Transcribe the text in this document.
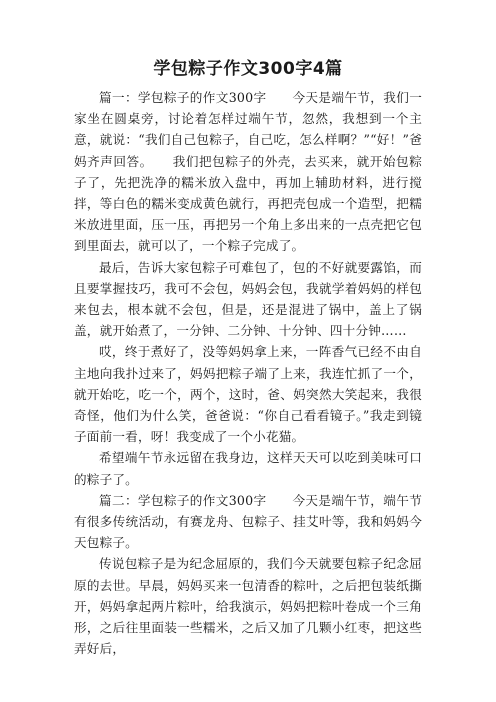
学包粽子作文300字4篇

篇一：学包粽子的作文300字　　今天是端午节，我们一家坐在圆桌旁，讨论着怎样过端午节，忽然，我想到一个主意，就说：“我们自己包粽子，自己吃，怎么样啊？”“好！”爸妈齐声回答。　　我们把包粽子的外壳，去买来，就开始包粽子了，先把洗净的糯米放入盘中，再加上辅助材料，进行搅拌，等白色的糯米变成黄色就行，再把壳包成一个造型，把糯米放进里面，压一压，再把另一个角上多出来的一点壳把它包到里面去，就可以了，一个粽子完成了。

最后，告诉大家包粽子可难包了，包的不好就要露馅，而且要掌握技巧，我可不会包，妈妈会包，我就学着妈妈的样包来包去，根本就不会包，但是，还是混进了锅中，盖上了锅盖，就开始煮了，一分钟、二分钟、十分钟、四十分钟……

哎，终于煮好了，没等妈妈拿上来，一阵香气已经不由自主地向我扑过来了，妈妈把粽子端了上来，我连忙抓了一个，就开始吃，吃一个，两个，这时，爸、妈突然大笑起来，我很奇怪，他们为什么笑，爸爸说：“你自己看看镜子。”我走到镜子面前一看，呀！我变成了一个小花猫。

希望端午节永远留在我身边，这样天天可以吃到美味可口的粽子了。

篇二：学包粽子的作文300字　　今天是端午节，端午节有很多传统活动，有赛龙舟、包粽子、挂艾叶等，我和妈妈今天包粽子。

传说包粽子是为纪念屈原的，我们今天就要包粽子纪念屈原的去世。早晨，妈妈买来一包清香的粽叶，之后把包装纸撕开，妈妈拿起两片粽叶，给我演示，妈妈把粽叶卷成一个三角形，之后往里面装一些糯米，之后又加了几颗小红枣，把这些弄好后，
